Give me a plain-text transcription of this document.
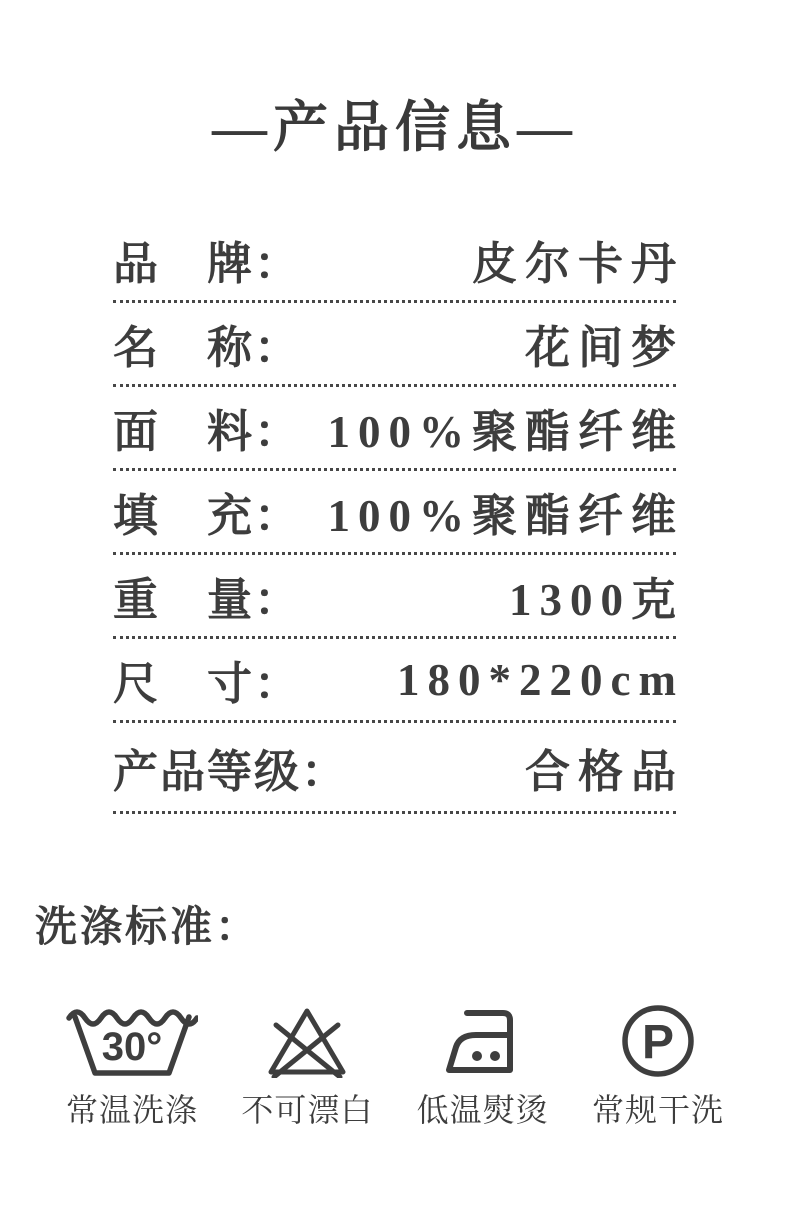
—产品信息—
品　牌：	皮尔卡丹
名　称：	花间梦
面　料： 100%聚酯纤维
填　充： 100%聚酯纤维
重　量：	1300克
尺　寸： 180*220cm
产品等级：	合格品
洗涤标准：
30°
常温洗涤 不可漂白 低温熨烫
P
常规干洗
